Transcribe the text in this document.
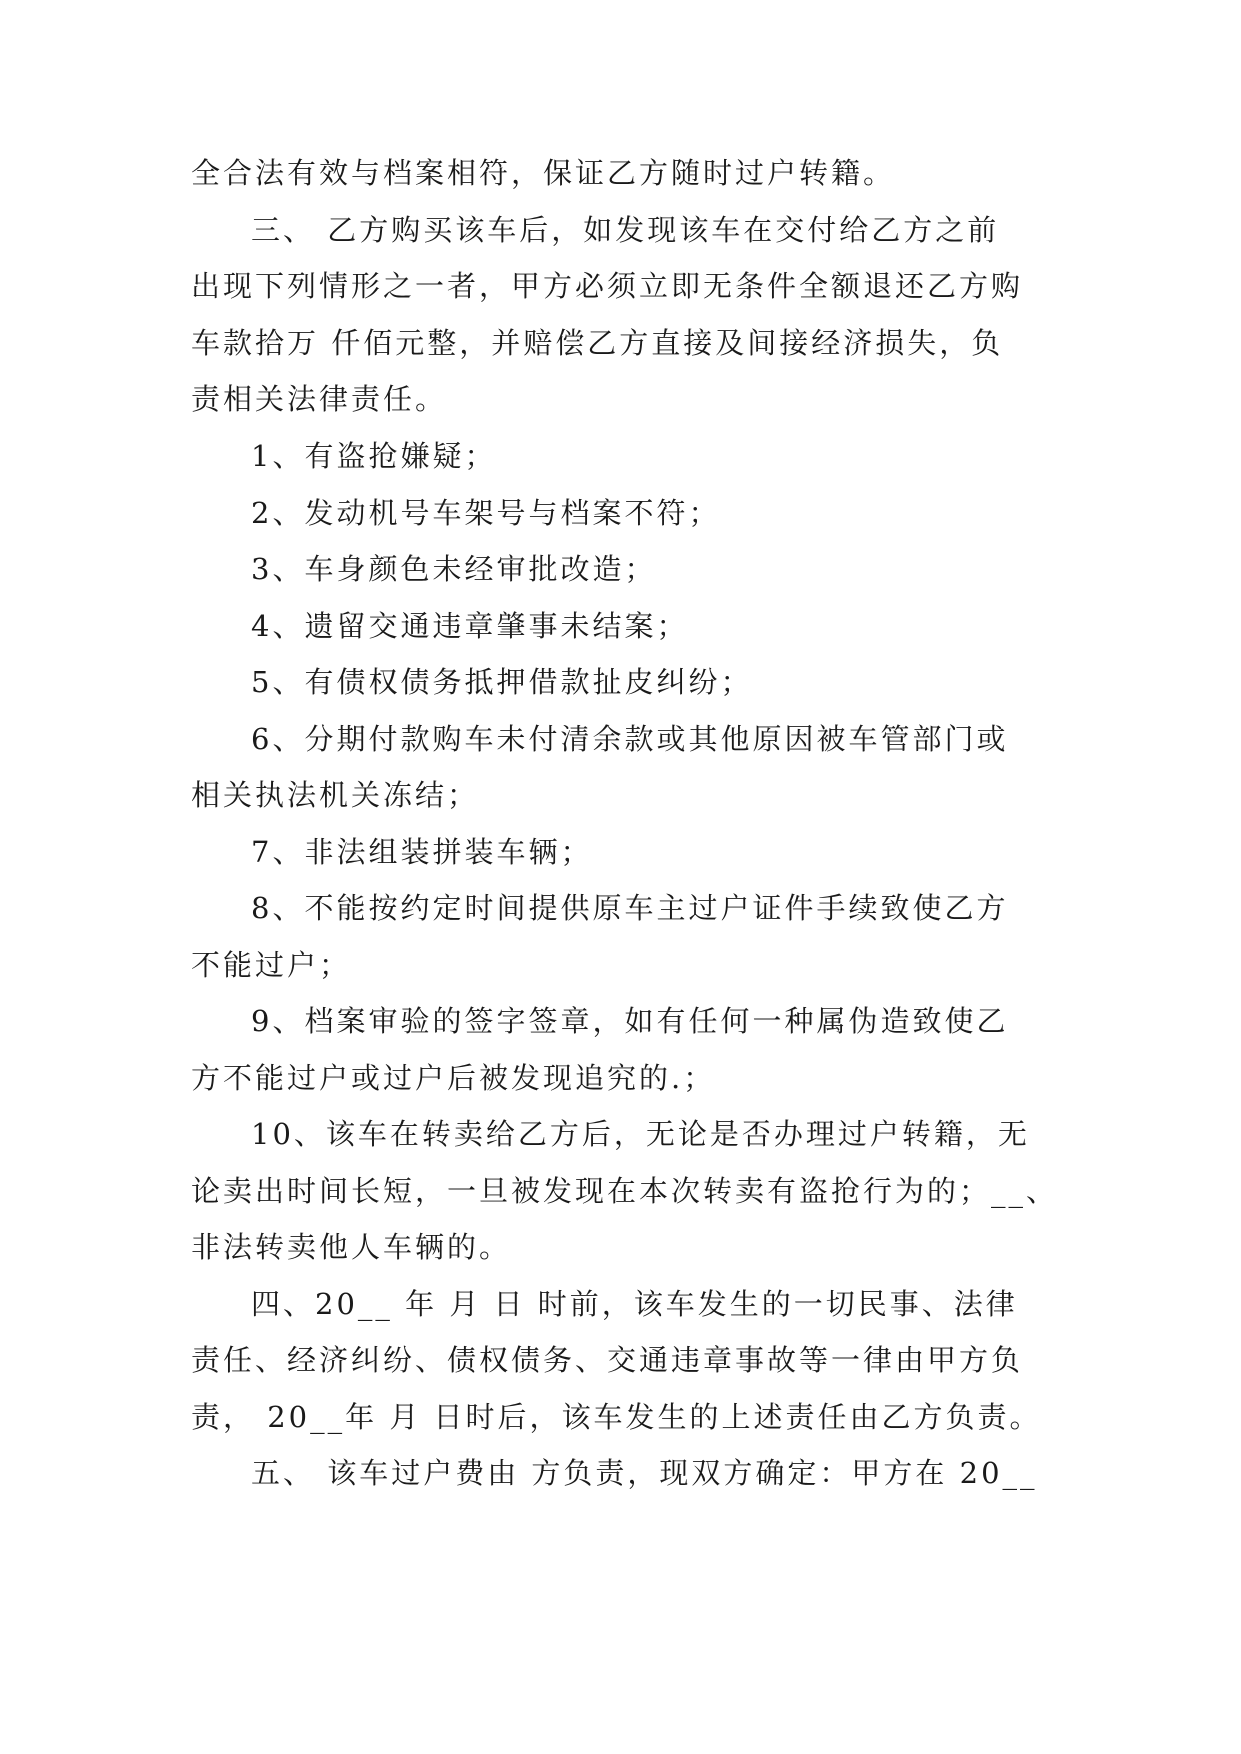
全合法有效与档案相符，保证乙方随时过户转籍。
三、 乙方购买该车后，如发现该车在交付给乙方之前
出现下列情形之一者，甲方必须立即无条件全额退还乙方购
车款拾万 仟佰元整，并赔偿乙方直接及间接经济损失，负
责相关法律责任。
1、有盗抢嫌疑；
2、发动机号车架号与档案不符；
3、车身颜色未经审批改造；
4、遗留交通违章肇事未结案；
5、有债权债务抵押借款扯皮纠纷；
6、分期付款购车未付清余款或其他原因被车管部门或
相关执法机关冻结；
7、非法组装拼装车辆；
8、不能按约定时间提供原车主过户证件手续致使乙方
不能过户；
9、档案审验的签字签章，如有任何一种属伪造致使乙
方不能过户或过户后被发现追究的.；
10、该车在转卖给乙方后，无论是否办理过户转籍，无
论卖出时间长短，一旦被发现在本次转卖有盗抢行为的；__、
非法转卖他人车辆的。
四、20__ 年 月 日 时前，该车发生的一切民事、法律
责任、经济纠纷、债权债务、交通违章事故等一律由甲方负
责， 20__年 月 日时后，该车发生的上述责任由乙方负责。
五、 该车过户费由 方负责，现双方确定：甲方在 20__
